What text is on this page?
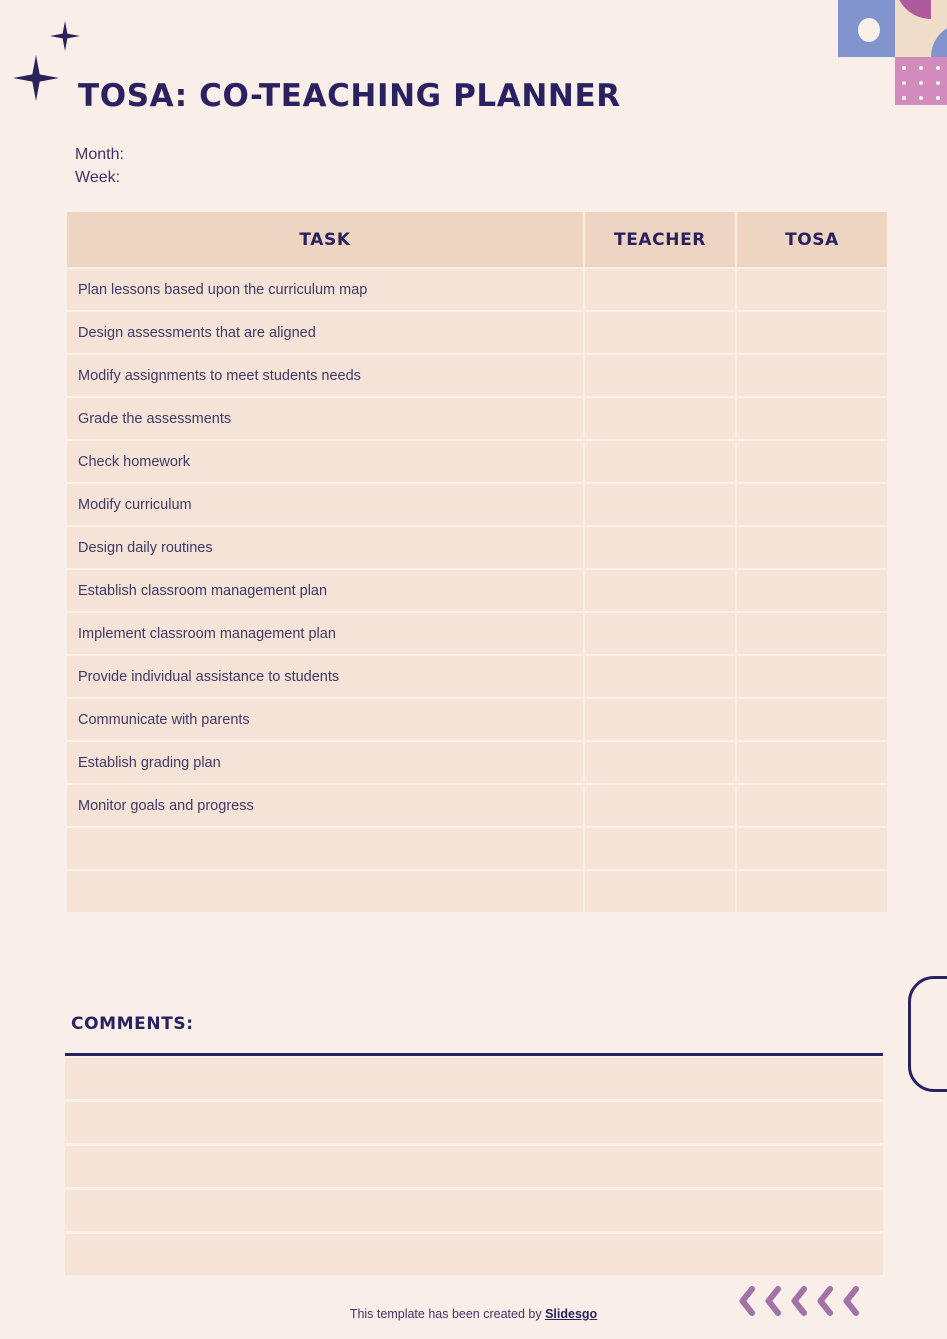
TOSA: CO-TEACHING PLANNER
Month:
Week:
TASK	TEACHER	TOSA
Plan lessons based upon the curriculum map		
Design assessments that are aligned		
Modify assignments to meet students needs		
Grade the assessments		
Check homework		
Modify curriculum		
Design daily routines		
Establish classroom management plan		
Implement classroom management plan		
Provide individual assistance to students		
Communicate with parents		
Establish grading plan		
Monitor goals and progress		

COMMENTS:
This template has been created by Slidesgo
